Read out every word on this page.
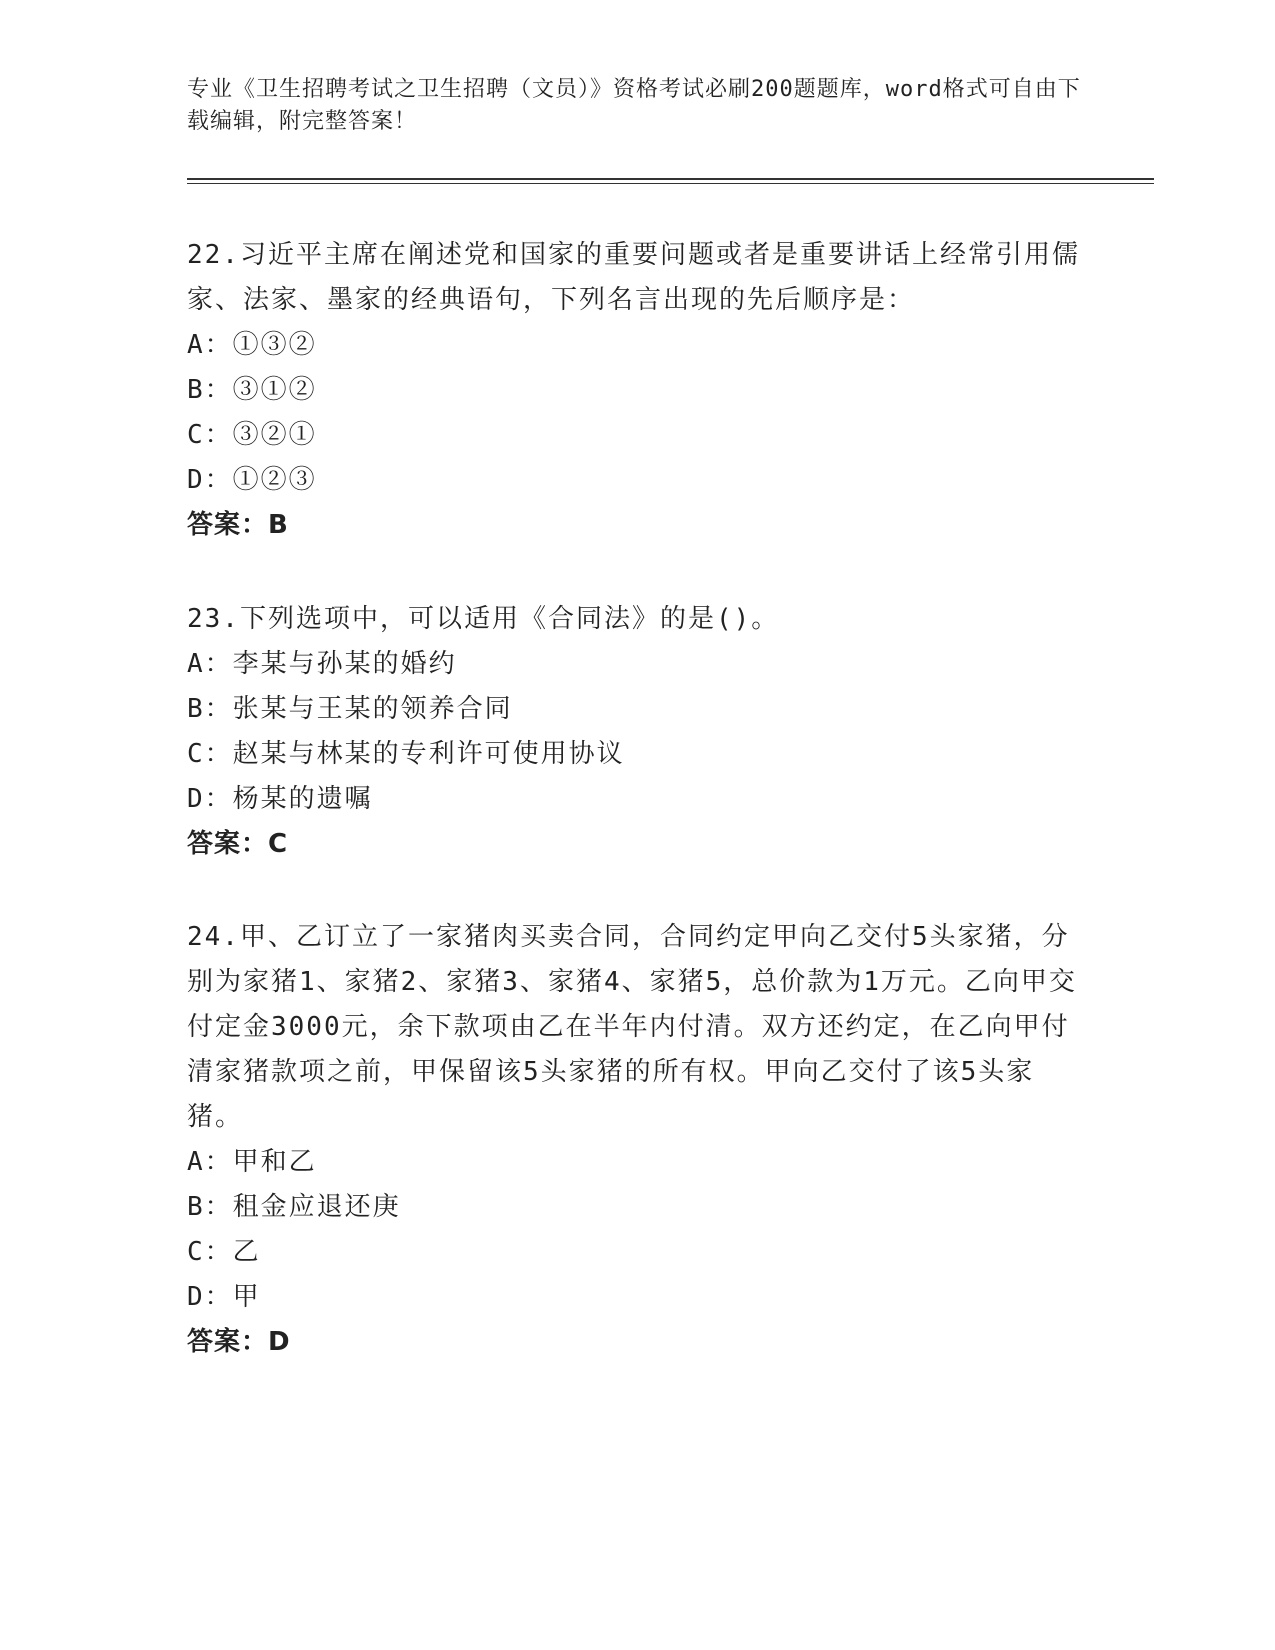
专业《卫生招聘考试之卫生招聘（文员）》资格考试必刷200题题库，word格式可自由下载编辑，附完整答案！
22.习近平主席在阐述党和国家的重要问题或者是重要讲话上经常引用儒家、法家、墨家的经典语句，下列名言出现的先后顺序是：
A：①③②
B：③①②
C：③②①
D：①②③
答案：B
23.下列选项中，可以适用《合同法》的是()。
A：李某与孙某的婚约
B：张某与王某的领养合同
C：赵某与林某的专利许可使用协议
D：杨某的遗嘱
答案：C
24.甲、乙订立了一家猪肉买卖合同，合同约定甲向乙交付5头家猪，分别为家猪1、家猪2、家猪3、家猪4、家猪5，总价款为1万元。乙向甲交付定金3000元，余下款项由乙在半年内付清。双方还约定，在乙向甲付清家猪款项之前，甲保留该5头家猪的所有权。甲向乙交付了该5头家猪。
A：甲和乙
B：租金应退还庚
C：乙
D：甲
答案：D
